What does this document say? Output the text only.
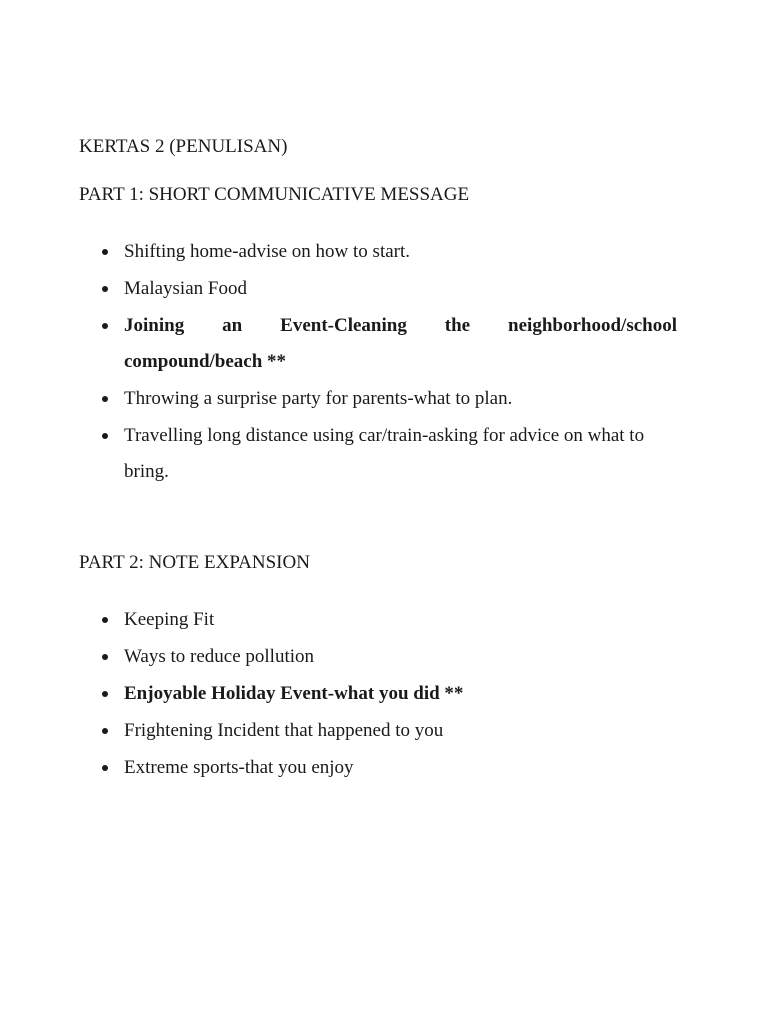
KERTAS 2 (PENULISAN)
PART 1: SHORT COMMUNICATIVE MESSAGE
Shifting home-advise on how to start.
Malaysian Food
Joining an Event-Cleaning the neighborhood/school compound/beach **
Throwing a surprise party for parents-what to plan.
Travelling long distance using car/train-asking for advice on what to bring.
PART 2: NOTE EXPANSION
Keeping Fit
Ways to reduce pollution
Enjoyable Holiday Event-what you did **
Frightening Incident that happened to you
Extreme sports-that you enjoy
